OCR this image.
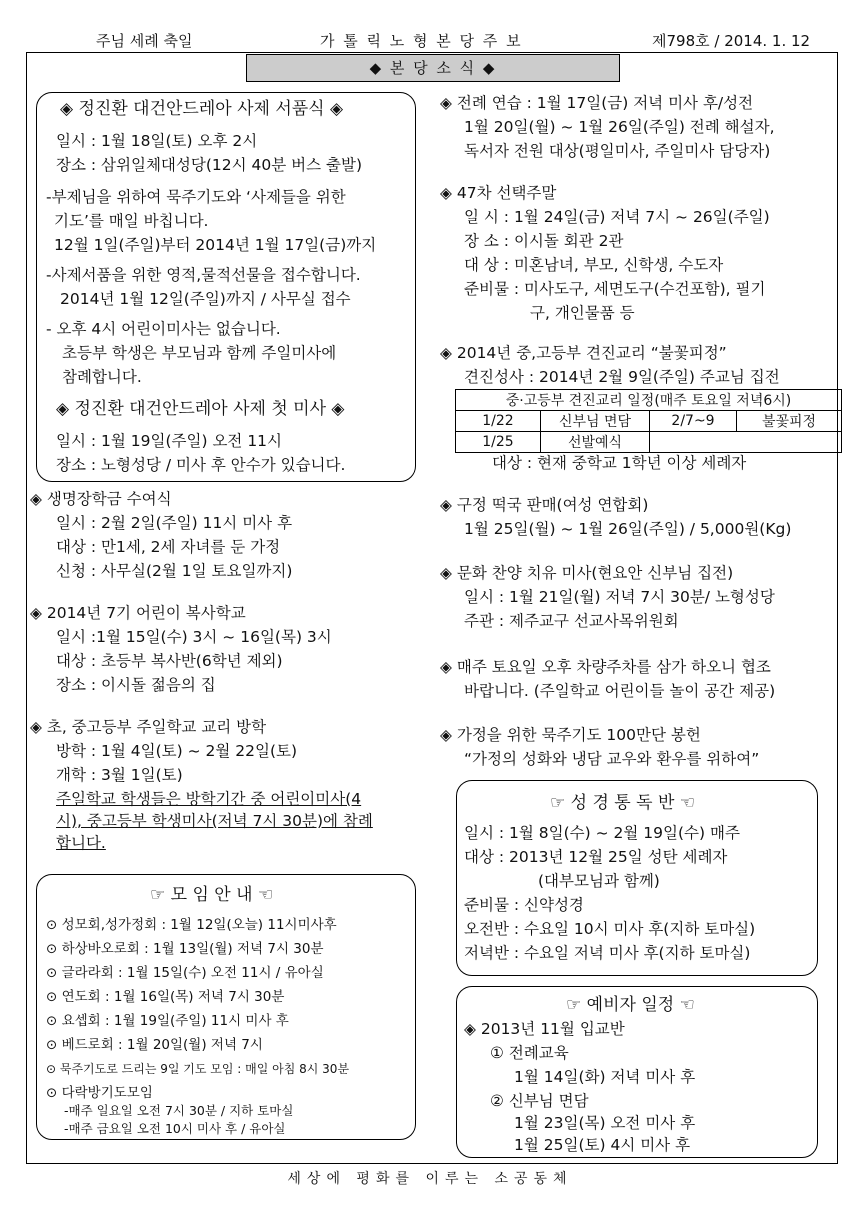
주님 세례 축일	가 톨 릭 노 형 본 당 주 보	제798호 / 2014. 1. 12
◆ 본 당 소 식 ◆
◈ 정진환 대건안드레아 사제 서품식 ◈
일시 : 1월 18일(토) 오후 2시
장소 : 삼위일체대성당(12시 40분 버스 출발)
-부제님을 위하여 묵주기도와 ‘사제들을 위한
기도’를 매일 바칩니다.
12월 1일(주일)부터 2014년 1월 17일(금)까지
-사제서품을 위한 영적,물적선물을 접수합니다.
2014년 1월 12일(주일)까지 / 사무실 접수
- 오후 4시 어린이미사는 없습니다.
초등부 학생은 부모님과 함께 주일미사에
참례합니다.
◈ 정진환 대건안드레아 사제 첫 미사 ◈
일시 : 1월 19일(주일) 오전 11시
장소 : 노형성당 / 미사 후 안수가 있습니다.
◈ 생명장학금 수여식
일시 : 2월 2일(주일) 11시 미사 후
대상 : 만1세, 2세 자녀를 둔 가정
신청 : 사무실(2월 1일 토요일까지)
◈ 2014년 7기 어린이 복사학교
일시 :1월 15일(수) 3시 ~ 16일(목) 3시
대상 : 초등부 복사반(6학년 제외)
장소 : 이시돌 젊음의 집
◈ 초, 중고등부 주일학교 교리 방학
방학 : 1월 4일(토) ~ 2월 22일(토)
개학 : 3월 1일(토)
주일학교 학생들은 방학기간 중 어린이미사(4
시), 중고등부 학생미사(저녁 7시 30분)에 참례
합니다.
☞ 모 임 안 내 ☜
⊙ 성모회,성가정회 : 1월 12일(오늘) 11시미사후
⊙ 하상바오로회 : 1월 13일(월) 저녁 7시 30분
⊙ 글라라회 : 1월 15일(수) 오전 11시 / 유아실
⊙ 연도회 : 1월 16일(목) 저녁 7시 30분
⊙ 요셉회 : 1월 19일(주일) 11시 미사 후
⊙ 베드로회 : 1월 20일(월) 저녁 7시
⊙ 묵주기도로 드리는 9일 기도 모임 : 매일 아침 8시 30분
⊙ 다락방기도모임
-매주 일요일 오전 7시 30분 / 지하 토마실
-매주 금요일 오전 10시 미사 후 / 유아실
◈ 전례 연습 : 1월 17일(금) 저녁 미사 후/성전
1월 20일(월) ~ 1월 26일(주일) 전례 해설자,
독서자 전원 대상(평일미사, 주일미사 담당자)
◈ 47차 선택주말
일 시 : 1월 24일(금) 저녁 7시 ~ 26일(주일)
장 소 : 이시돌 회관 2관
대 상 : 미혼남녀, 부모, 신학생, 수도자
준비물 : 미사도구, 세면도구(수건포함), 필기
구, 개인물품 등
◈ 2014년 중,고등부 견진교리 “불꽃피정”
견진성사 : 2014년 2월 9일(주일) 주교님 집전
중·고등부 견진교리 일정(매주 토요일 저녁6시)			
1/22	신부님 면담	2/7~9	불꽃피정
1/25	선발예식		
대상 : 현재 중학교 1학년 이상 세례자
◈ 구정 떡국 판매(여성 연합회)
1월 25일(월) ~ 1월 26일(주일) / 5,000원(Kg)
◈ 문화 찬양 치유 미사(현요안 신부님 집전)
일시 : 1월 21일(월) 저녁 7시 30분/ 노형성당
주관 : 제주교구 선교사목위원회
◈ 매주 토요일 오후 차량주차를 삼가 하오니 협조
바랍니다. (주일학교 어린이들 놀이 공간 제공)
◈ 가정을 위한 묵주기도 100만단 봉헌
“가정의 성화와 냉담 교우와 환우를 위하여”
☞ 성 경 통 독 반 ☜
일시 : 1월 8일(수) ~ 2월 19일(수) 매주
대상 : 2013년 12월 25일 성탄 세례자
(대부모님과 함께)
준비물 : 신약성경
오전반 : 수요일 10시 미사 후(지하 토마실)
저녁반 : 수요일 저녁 미사 후(지하 토마실)
☞ 예비자 일정 ☜
◈ 2013년 11월 입교반
① 전례교육
1월 14일(화) 저녁 미사 후
② 신부님 면담
1월 23일(목) 오전 미사 후
1월 25일(토) 4시 미사 후
세상에 평화를 이루는 소공동체
